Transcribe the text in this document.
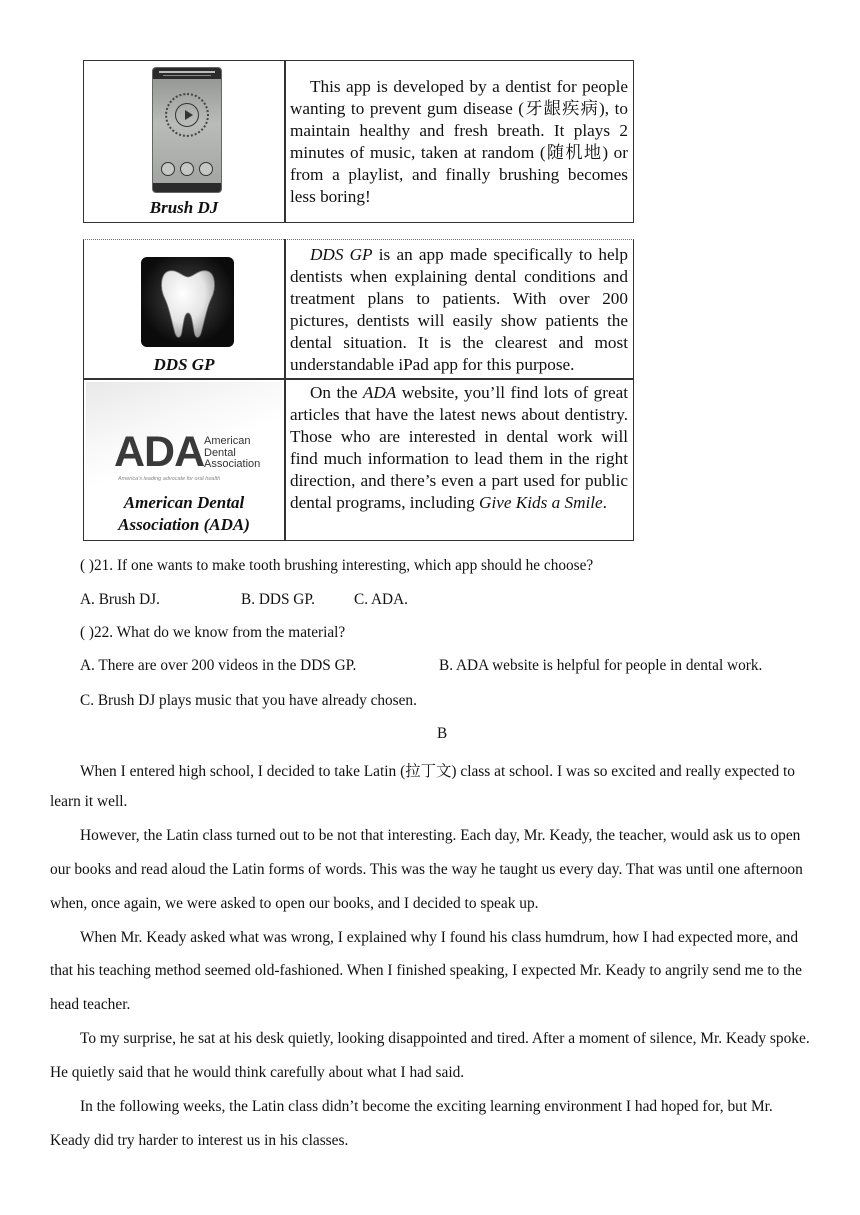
Brush DJ
This app is developed by a dentist for people wanting to prevent gum disease (牙龈疾病), to maintain healthy and fresh breath. It plays 2 minutes of music, taken at random (随机地) or from a playlist, and finally brushing becomes less boring!
DDS GP
DDS GP is an app made specifically to help dentists when explaining dental conditions and treatment plans to patients. With over 200 pictures, dentists will easily show patients the dental situation. It is the clearest and most understandable iPad app for this purpose.
ADA American
Dental
Association
America's leading advocate for oral health
American Dental
Association (ADA)
On the ADA website, you’ll find lots of great articles that have the latest news about dentistry. Those who are interested in dental work will find much information to lead them in the right direction, and there’s even a part used for public dental programs, including Give Kids a Smile.
( )21. If one wants to make tooth brushing interesting, which app should he choose?
A. Brush DJ.	B. DDS GP.	C. ADA.
( )22. What do we know from the material?
A. There are over 200 videos in the DDS GP.	B. ADA website is helpful for people in dental work.
C. Brush DJ plays music that you have already chosen.
B
When I entered high school, I decided to take Latin (拉丁文) class at school. I was so excited and really expected to
learn it well.
However, the Latin class turned out to be not that interesting. Each day, Mr. Keady, the teacher, would ask us to open
our books and read aloud the Latin forms of words. This was the way he taught us every day. That was until one afternoon
when, once again, we were asked to open our books, and I decided to speak up.
When Mr. Keady asked what was wrong, I explained why I found his class humdrum, how I had expected more, and
that his teaching method seemed old-fashioned. When I finished speaking, I expected Mr. Keady to angrily send me to the
head teacher.
To my surprise, he sat at his desk quietly, looking disappointed and tired. After a moment of silence, Mr. Keady spoke.
He quietly said that he would think carefully about what I had said.
In the following weeks, the Latin class didn’t become the exciting learning environment I had hoped for, but Mr.
Keady did try harder to interest us in his classes.
